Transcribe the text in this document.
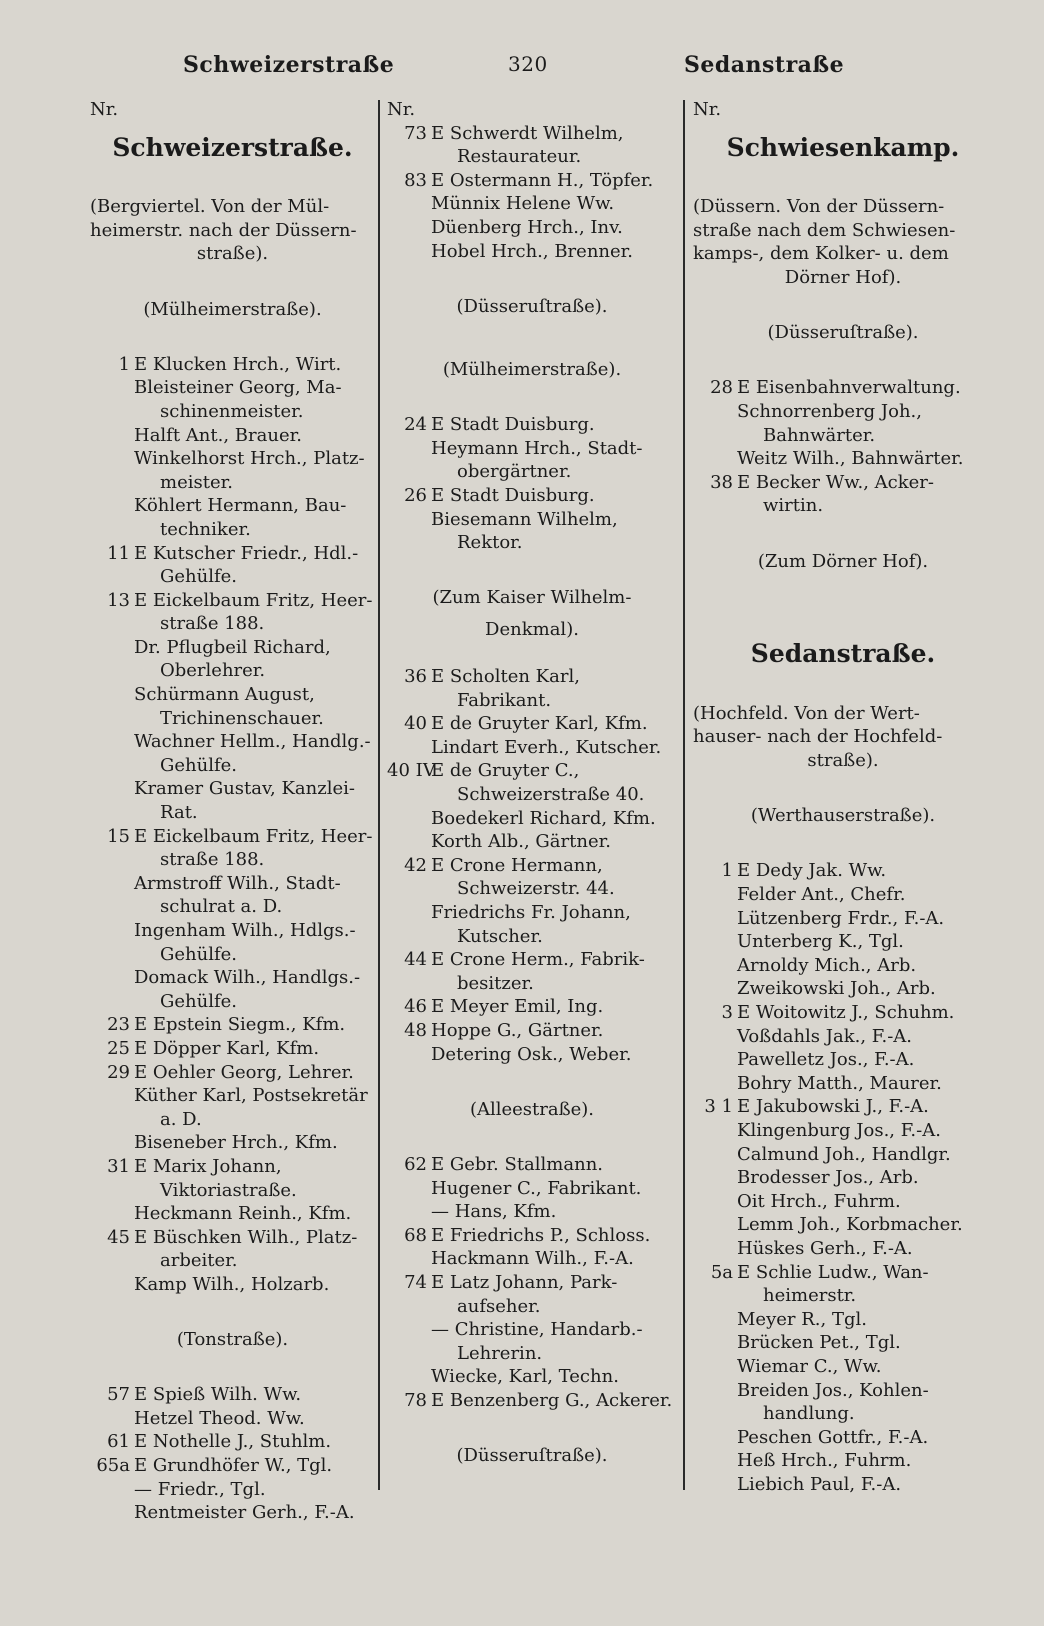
Schweizerstraße	320	Sedanstraße
Nr.
Schweizerstraße.
(Bergviertel. Von der Mül-
heimerstr. nach der Düssern-
straße).
(Mülheimerstraße).
1 E Klucken Hrch., Wirt.
Bleisteiner Georg, Ma-
schinenmeister.
Halft Ant., Brauer.
Winkelhorst Hrch., Platz-
meister.
Köhlert Hermann, Bau-
techniker.
11 E Kutscher Friedr., Hdl.-
Gehülfe.
13 E Eickelbaum Fritz, Heer-
straße 188.
Dr. Pflugbeil Richard,
Oberlehrer.
Schürmann August,
Trichinenschauer.
Wachner Hellm., Handlg.-
Gehülfe.
Kramer Gustav, Kanzlei-
Rat.
15 E Eickelbaum Fritz, Heer-
straße 188.
Armstroff Wilh., Stadt-
schulrat a. D.
Ingenham Wilh., Hdlgs.-
Gehülfe.
Domack Wilh., Handlgs.-
Gehülfe.
23 E Epstein Siegm., Kfm.
25 E Döpper Karl, Kfm.
29 E Oehler Georg, Lehrer.
Küther Karl, Postsekretär
a. D.
Biseneber Hrch., Kfm.
31 E Marix Johann,
Viktoriastraße.
Heckmann Reinh., Kfm.
45 E Büschken Wilh., Platz-
arbeiter.
Kamp Wilh., Holzarb.
(Tonstraße).
57 E Spieß Wilh. Ww.
Hetzel Theod. Ww.
61 E Nothelle J., Stuhlm.
65a E Grundhöfer W., Tgl.
— Friedr., Tgl.
Rentmeister Gerh., F.-A.
Nr.
73 E Schwerdt Wilhelm,
Restaurateur.
83 E Ostermann H., Töpfer.
Münnix Helene Ww.
Düenberg Hrch., Inv.
Hobel Hrch., Brenner.
(Düsseruſtraße).
(Mülheimerstraße).
24 E Stadt Duisburg.
Heymann Hrch., Stadt-
obergärtner.
26 E Stadt Duisburg.
Biesemann Wilhelm,
Rektor.
(Zum Kaiser Wilhelm-
Denkmal).
36 E Scholten Karl,
Fabrikant.
40 E de Gruyter Karl, Kfm.
Lindart Everh., Kutscher.
40 IV
E de Gruyter C.,
Schweizerstraße 40.
Boedekerl Richard, Kfm.
Korth Alb., Gärtner.
42 E Crone Hermann,
Schweizerstr. 44.
Friedrichs Fr. Johann,
Kutscher.
44 E Crone Herm., Fabrik-
besitzer.
46 E Meyer Emil, Ing.
48 Hoppe G., Gärtner.
Detering Osk., Weber.
(Alleestraße).
62 E Gebr. Stallmann.
Hugener C., Fabrikant.
— Hans, Kfm.
68 E Friedrichs P., Schloss.
Hackmann Wilh., F.-A.
74 E Latz Johann, Park-
aufseher.
— Christine, Handarb.-
Lehrerin.
Wiecke, Karl, Techn.
78 E Benzenberg G., Ackerer.
(Düsseruſtraße).
Nr.
Schwiesenkamp.
(Düssern. Von der Düssern-
straße nach dem Schwiesen-
kamps-, dem Kolker- u. dem
Dörner Hof).
(Düsseruſtraße).
28 E Eisenbahnverwaltung.
Schnorrenberg Joh.,
Bahnwärter.
Weitz Wilh., Bahnwärter.
38 E Becker Ww., Acker-
wirtin.
(Zum Dörner Hof).
Sedanstraße.
(Hochfeld. Von der Wert-
hauser- nach der Hochfeld-
straße).
(Werthauserstraße).
1 E Dedy Jak. Ww.
Felder Ant., Chefr.
Lützenberg Frdr., F.-A.
Unterberg K., Tgl.
Arnoldy Mich., Arb.
Zweikowski Joh., Arb.
3 E Woitowitz J., Schuhm.
Voßdahls Jak., F.-A.
Pawelletz Jos., F.-A.
Bohry Matth., Maurer.
3 1 E Jakubowski J., F.-A.
Klingenburg Jos., F.-A.
Calmund Joh., Handlgr.
Brodesser Jos., Arb.
Oit Hrch., Fuhrm.
Lemm Joh., Korbmacher.
Hüskes Gerh., F.-A.
5a E Schlie Ludw., Wan-
heimerstr.
Meyer R., Tgl.
Brücken Pet., Tgl.
Wiemar C., Ww.
Breiden Jos., Kohlen-
handlung.
Peschen Gottfr., F.-A.
Heß Hrch., Fuhrm.
Liebich Paul, F.-A.
